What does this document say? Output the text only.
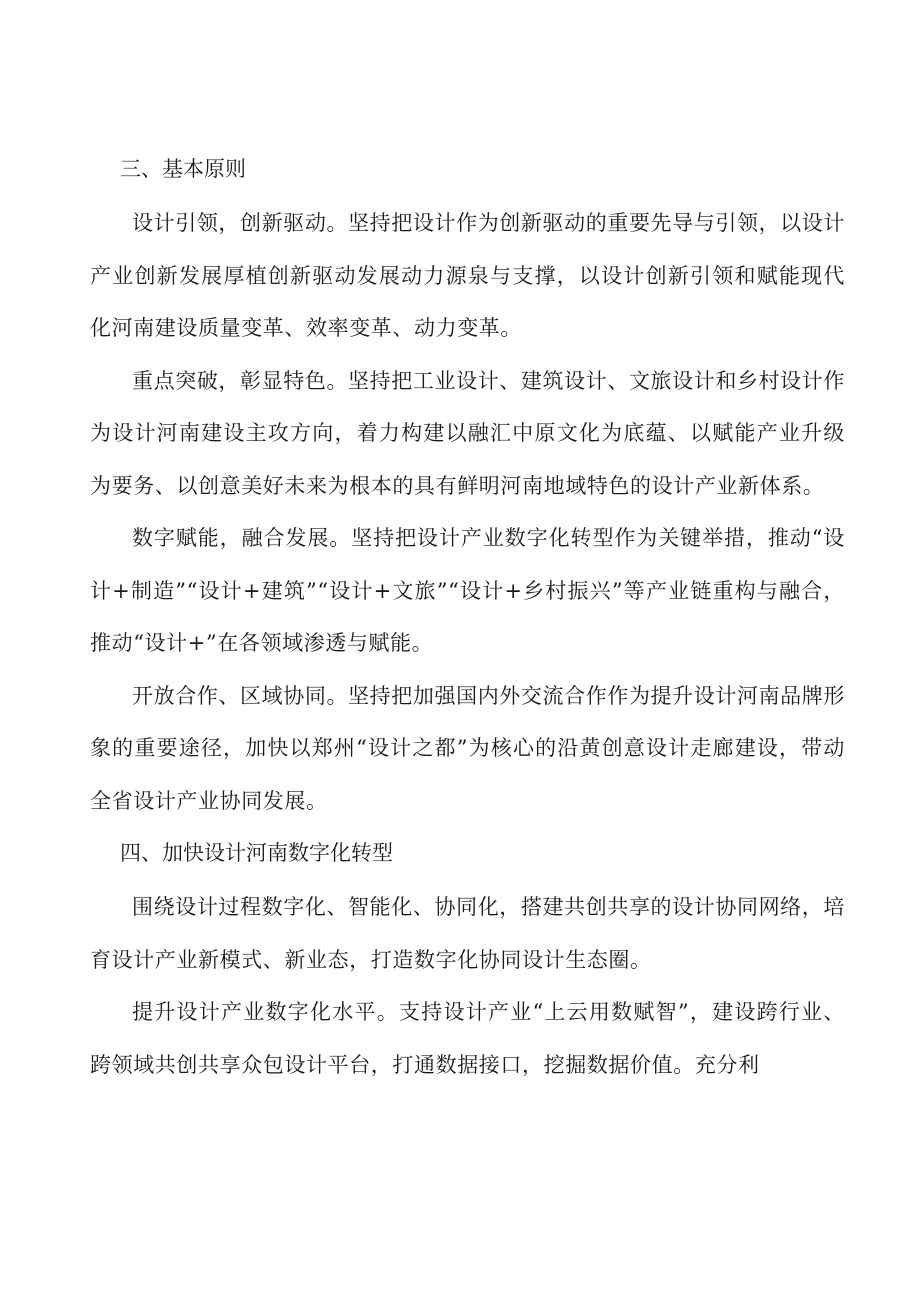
三、基本原则

设计引领，创新驱动。坚持把设计作为创新驱动的重要先导与引领，以设计产业创新发展厚植创新驱动发展动力源泉与支撑，以设计创新引领和赋能现代化河南建设质量变革、效率变革、动力变革。

重点突破，彰显特色。坚持把工业设计、建筑设计、文旅设计和乡村设计作为设计河南建设主攻方向，着力构建以融汇中原文化为底蕴、以赋能产业升级为要务、以创意美好未来为根本的具有鲜明河南地域特色的设计产业新体系。

数字赋能，融合发展。坚持把设计产业数字化转型作为关键举措，推动“设计+制造”“设计+建筑”“设计+文旅”“设计+乡村振兴”等产业链重构与融合，推动“设计+”在各领域渗透与赋能。

开放合作、区域协同。坚持把加强国内外交流合作作为提升设计河南品牌形象的重要途径，加快以郑州“设计之都”为核心的沿黄创意设计走廊建设，带动全省设计产业协同发展。

四、加快设计河南数字化转型

围绕设计过程数字化、智能化、协同化，搭建共创共享的设计协同网络，培育设计产业新模式、新业态，打造数字化协同设计生态圈。

提升设计产业数字化水平。支持设计产业“上云用数赋智”，建设跨行业、跨领域共创共享众包设计平台，打通数据接口，挖掘数据价值。充分利
